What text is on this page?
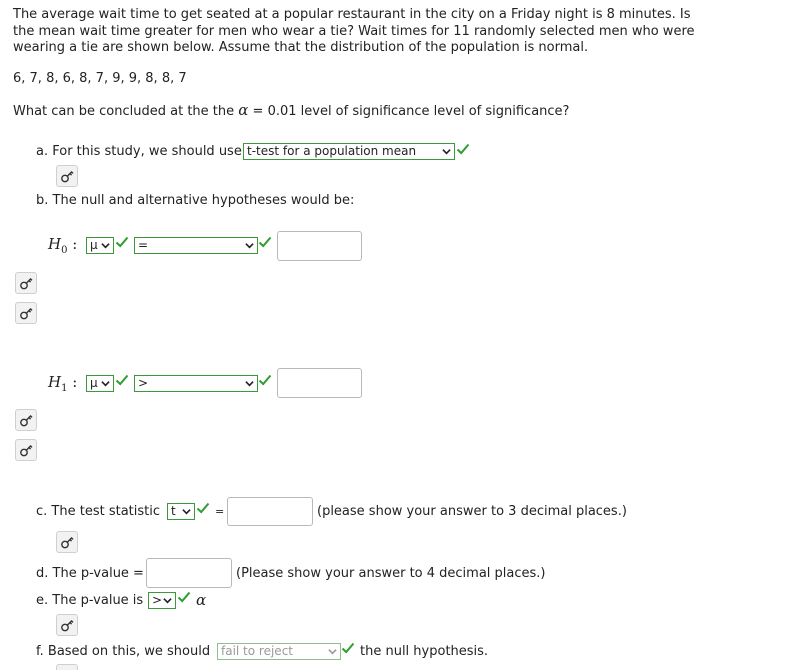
The average wait time to get seated at a popular restaurant in the city on a Friday night is 8 minutes. Is the mean wait time greater for men who wear a tie? Wait times for 11 randomly selected men who were wearing a tie are shown below. Assume that the distribution of the population is normal.
6, 7, 8, 6, 8, 7, 9, 9, 8, 8, 7
What can be concluded at the the α = 0.01 level of significance level of significance?
a. For this study, we should use t-test for a population mean
b. The null and alternative hypotheses would be:
$H_0$ :	μ	=
$H_1$ :	μ	>
c. The test statistic t	=	(please show your answer to 3 decimal places.)
d. The p-value =	(Please show your answer to 4 decimal places.)
e. The p-value is >	α
f. Based on this, we should fail to reject	the null hypothesis.
